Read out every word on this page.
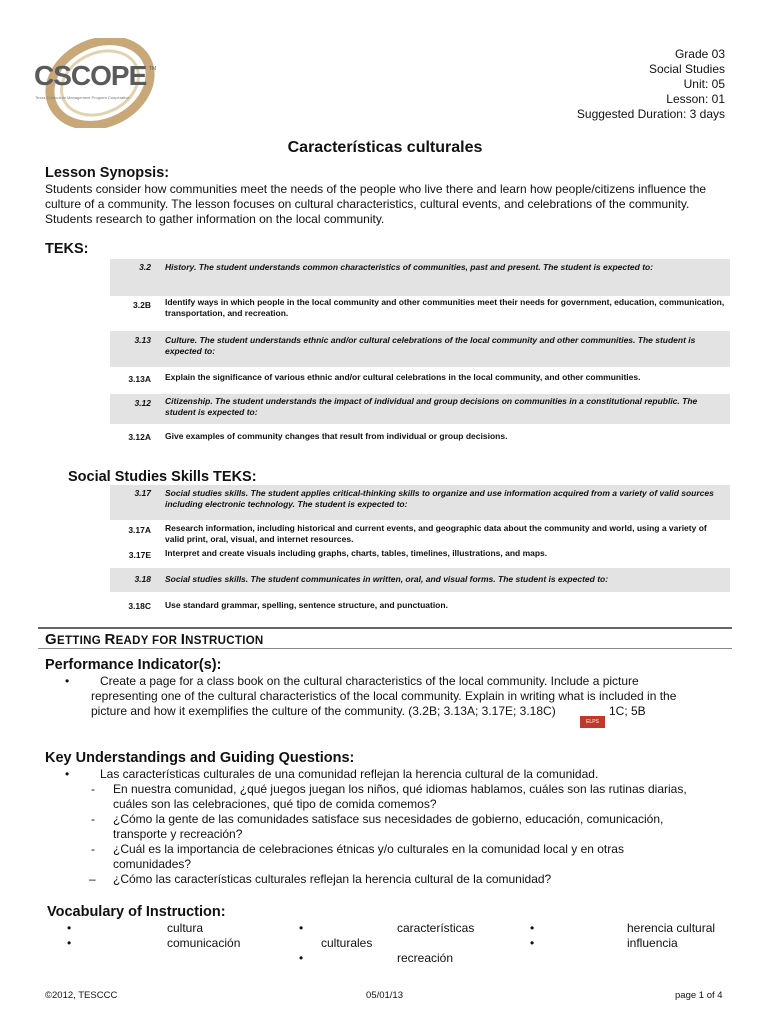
CSCOPE TM
Texas Curriculum Management Program Cooperative
Grade 03
Social Studies
Unit: 05
Lesson: 01
Suggested Duration: 3 days
Características culturales
Lesson Synopsis:
Students consider how communities meet the needs of the people who live there and learn how people/citizens influence the culture of a community. The lesson focuses on cultural characteristics, cultural events, and celebrations of the community. Students research to gather information on the local community.
TEKS:
3.2 History. The student understands common characteristics of communities, past and present. The student is expected to:
3.2B Identify ways in which people in the local community and other communities meet their needs for government, education, communication, transportation, and recreation.
3.13 Culture. The student understands ethnic and/or cultural celebrations of the local community and other communities. The student is expected to:
3.13A Explain the significance of various ethnic and/or cultural celebrations in the local community, and other communities.
3.12 Citizenship. The student understands the impact of individual and group decisions on communities in a constitutional republic. The student is expected to:
3.12A Give examples of community changes that result from individual or group decisions.
Social Studies Skills TEKS:
3.17 Social studies skills. The student applies critical-thinking skills to organize and use information acquired from a variety of valid sources including electronic technology. The student is expected to:
3.17A Research information, including historical and current events, and geographic data about the community and world, using a variety of valid print, oral, visual, and internet resources.
3.17E Interpret and create visuals including graphs, charts, tables, timelines, illustrations, and maps.
3.18 Social studies skills. The student communicates in written, oral, and visual forms. The student is expected to:
3.18C Use standard grammar, spelling, sentence structure, and punctuation.
GETTING READY FOR INSTRUCTION
Performance Indicator(s):
•	Create a page for a class book on the cultural characteristics of the local community. Include a picture
representing one of the cultural characteristics of the local community. Explain in writing what is included in the
picture and how it exemplifies the culture of the community. (3.2B; 3.13A; 3.17E; 3.18C)
ELPS
1C; 5B
Key Understandings and Guiding Questions:
•	Las características culturales de una comunidad reflejan la herencia cultural de la comunidad.
- En nuestra comunidad, ¿qué juegos juegan los niños, qué idiomas hablamos, cuáles son las rutinas diarias,
cuáles son las celebraciones, qué tipo de comida comemos?
- ¿Cómo la gente de las comunidades satisface sus necesidades de gobierno, educación, comunicación,
transporte y recreación?
- ¿Cuál es la importancia de celebraciones étnicas y/o culturales en la comunidad local y en otras
comunidades?
– ¿Cómo las características culturales reflejan la herencia cultural de la comunidad?
Vocabulary of Instruction:
•	cultura
•	comunicación
•	características
culturales
•	recreación
•	herencia cultural
•	influencia
©2012, TESCCC	05/01/13	page 1 of 4
